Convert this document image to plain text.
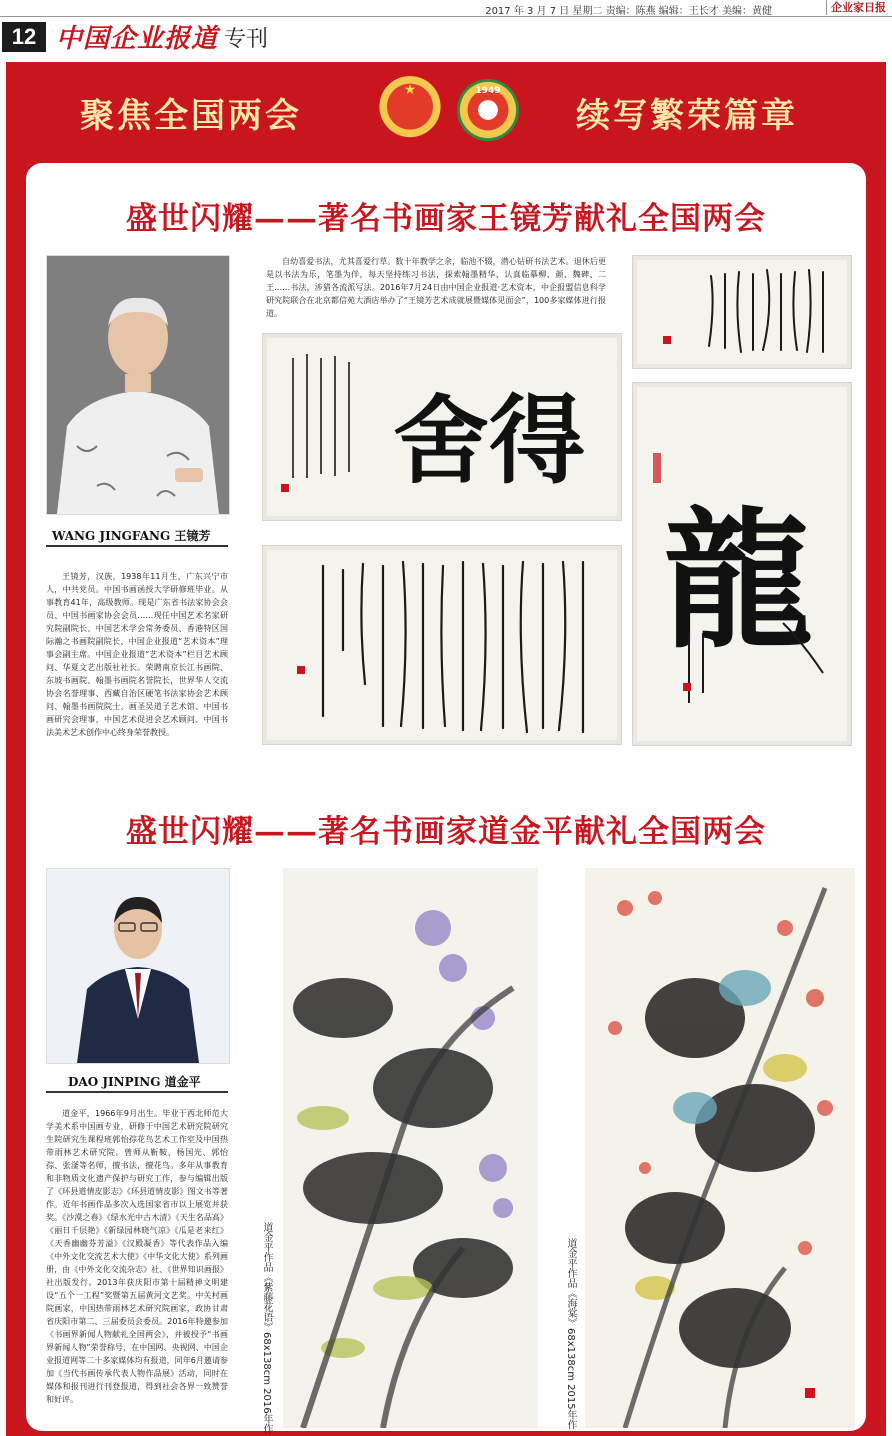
2017 年 3 月 7 日 星期二 责编：陈燕 编辑：王长才 美编：黄健	企业家日报
12 中国企业报道 专刊
聚焦全国两会	续写繁荣篇章
★	1949
盛世闪耀——著名书画家王镜芳献礼全国两会
WANG JINGFANG 王镜芳

王镜芳，汉族，1938年11月生，广东兴宁市人，中共党员。中国书画函授大学研修班毕业。从事教育41年，高级教师。现是广东省书法家协会会员、中国书画家协会会员……现任中国艺术名家研究院副院长、中国艺术学会常务委员、香港特区国际瀚之书画院副院长、中国企业报道“艺术资本”理事会副主席。中国企业报道“艺术资本”栏目艺术顾问、华夏文艺出版社社长。荣聘南京长江书画院、东坡书画院、翰墨书画院名誉院长，世界华人交流协会名誉理事、西藏自治区硬笔书法家协会艺术顾问、翰墨书画院院士、画圣吴道子艺术馆、中国书画研究会理事，中国艺术促进会艺术顾问、中国书法美术艺术创作中心终身荣誉教授。

自幼喜爱书法，尤其喜爱行草。数十年教学之余，临池不辍，潜心钻研书法艺术。退休后更是以书法为乐，笔墨为伴，每天坚持练习书法，探索翰墨精华，认真临摹柳、颜、魏碑、二王……书法，涉猎各流派写法。2016年7月24日由中国企业报道·艺术资本，中企报盟信息科学研究院联合在北京都信苑大酒店举办了“王镜芳艺术成就展暨媒体见面会”，100多家媒体进行报道。

舍得
龍
盛世闪耀——著名书画家道金平献礼全国两会
DAO JINPING 道金平

道金平，1966年9月出生。毕业于西北师范大学美术系中国画专业，研修于中国艺术研究院研究生院研究生课程班郭怡孮花鸟艺术工作室及中国热带雨林艺术研究院。曾师从靳鞍、杨国光、郭怡孮、张滏等名师，擅书法，擅花鸟。多年从事教育和非物质文化遗产保护与研究工作，参与编辑出版了《环县道情皮影志》《环县道情皮影》图文书等著作。近年书画作品多次入选国家省市以上展览并获奖。《沙漠之春》《绿水光中古木清》《天生名品高》《丽日千层艳》《新绿园林晓气凉》《瓜是老来红》《天香幽幽芬芳溢》《汉殿凝香》等代表作品入编《中外文化交流艺术大使》《中华文化大使》系列画册，由《中外文化交流杂志》社、《世界知识画报》社出版发行。2013年获庆阳市第十届精神文明建设“五个一工程”奖暨第五届黄河文艺奖。中关村画院画家，中国热带雨林艺术研究院画家，政协甘肃省庆阳市第二、三届委员会委员。2016年特邀参加《书画界新闻人物献礼全国两会》，并被授予“书画界新闻人物”荣誉称号，在中国网、央视网、中国企业报道网等二十多家媒体均有报道，同年6月邀请参加《当代书画传承代表人物作品展》活动，同时在媒体和报刊进行刊登报道，得到社会各界一致赞誉和好评。	道金平作品《紫藤花语》68x138cm 2016年作	道金平作品《海棠》68x138cm 2015年作
